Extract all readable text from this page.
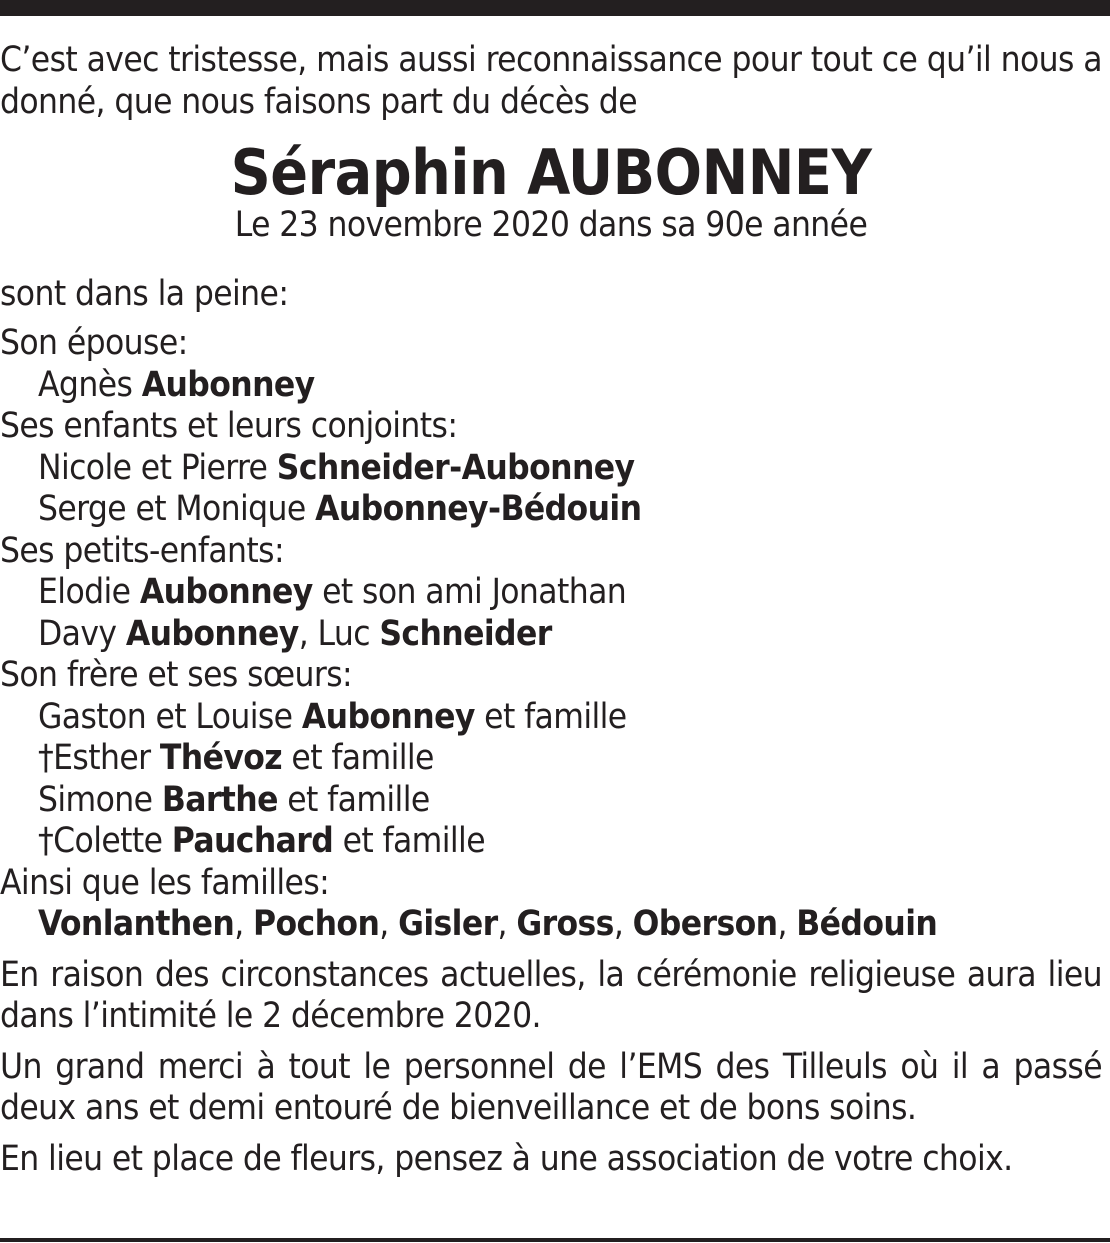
C’est avec tristesse, mais aussi reconnaissance pour tout ce qu’il nous a donné, que nous faisons part du décès de

Séraphin AUBONNEY
Le 23 novembre 2020 dans sa 90e année
sont dans la peine:
Son épouse:
Agnès Aubonney
Ses enfants et leurs conjoints:
Nicole et Pierre Schneider-Aubonney
Serge et Monique Aubonney-Bédouin
Ses petits-enfants:
Elodie Aubonney et son ami Jonathan
Davy Aubonney, Luc Schneider
Son frère et ses sœurs:
Gaston et Louise Aubonney et famille
†Esther Thévoz et famille
Simone Barthe et famille
†Colette Pauchard et famille
Ainsi que les familles:
Vonlanthen, Pochon, Gisler, Gross, Oberson, Bédouin

En raison des circonstances actuelles, la cérémonie religieuse aura lieu dans l’intimité le 2 décembre 2020.

Un grand merci à tout le personnel de l’EMS des Tilleuls où il a passé deux ans et demi entouré de bienveillance et de bons soins.

En lieu et place de fleurs, pensez à une association de votre choix.
